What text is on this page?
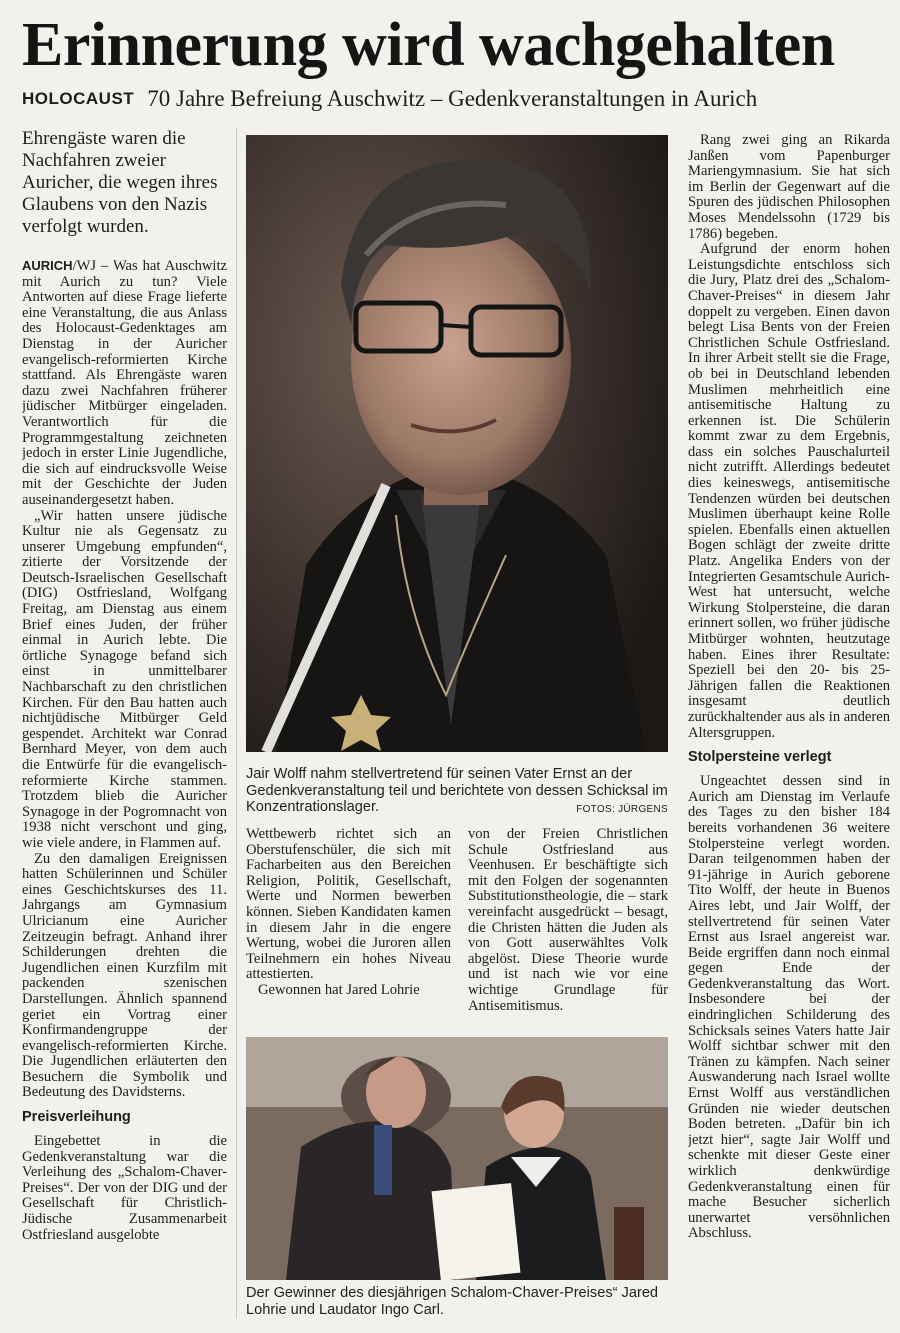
Erinnerung wird wachgehalten
HOLOCAUST 70 Jahre Befreiung Auschwitz – Gedenkveranstaltungen in Aurich
Ehrengäste waren die Nachfahren zweier Auricher, die wegen ihres Glaubens von den Nazis verfolgt wurden.

AURICH/WJ – Was hat Auschwitz mit Aurich zu tun? Viele Antworten auf diese Frage lieferte eine Veranstaltung, die aus Anlass des Holocaust-Gedenktages am Dienstag in der Auricher evangelisch-reformierten Kirche stattfand. Als Ehrengäste waren dazu zwei Nachfahren früherer jüdischer Mitbürger eingeladen. Verantwortlich für die Programmgestaltung zeichneten jedoch in erster Linie Jugendliche, die sich auf eindrucksvolle Weise mit der Geschichte der Juden auseinandergesetzt haben.

„Wir hatten unsere jüdische Kultur nie als Gegensatz zu unserer Umgebung empfunden“, zitierte der Vorsitzende der Deutsch-Israelischen Gesellschaft (DIG) Ostfriesland, Wolfgang Freitag, am Dienstag aus einem Brief eines Juden, der früher einmal in Aurich lebte. Die örtliche Synagoge befand sich einst in unmittelbarer Nachbarschaft zu den christlichen Kirchen. Für den Bau hatten auch nichtjüdische Mitbürger Geld gespendet. Architekt war Conrad Bernhard Meyer, von dem auch die Entwürfe für die evangelisch-reformierte Kirche stammen. Trotzdem blieb die Auricher Synagoge in der Pogromnacht von 1938 nicht verschont und ging, wie viele andere, in Flammen auf.

Zu den damaligen Ereignissen hatten Schülerinnen und Schüler eines Geschichtskurses des 11. Jahrgangs am Gymnasium Ulricianum eine Auricher Zeitzeugin befragt. Anhand ihrer Schilderungen drehten die Jugendlichen einen Kurzfilm mit packenden szenischen Darstellungen. Ähnlich spannend geriet ein Vortrag einer Konfirmandengruppe der evangelisch-reformierten Kirche. Die Jugendlichen erläuterten den Besuchern die Symbolik und Bedeutung des Davidsterns.

Preisverleihung

Eingebettet in die Gedenkveranstaltung war die Verleihung des „Schalom-Chaver-Preises“. Der von der DIG und der Gesellschaft für Christlich-Jüdische Zusammenarbeit Ostfriesland ausgelobte

Jair Wolff nahm stellvertretend für seinen Vater Ernst an der Gedenkveranstaltung teil und berichtete von dessen Schicksal im Konzentrationslager.	FOTOS: JÜRGENS

Wettbewerb richtet sich an Oberstufenschüler, die sich mit Facharbeiten aus den Bereichen Religion, Politik, Gesellschaft, Werte und Normen bewerben können. Sieben Kandidaten kamen in diesem Jahr in die engere Wertung, wobei die Juroren allen Teilnehmern ein hohes Niveau attestierten.

Gewonnen hat Jared Lohrie

von der Freien Christlichen Schule Ostfriesland aus Veenhusen. Er beschäftigte sich mit den Folgen der sogenannten Substitutionstheologie, die – stark vereinfacht ausgedrückt – besagt, die Christen hätten die Juden als von Gott auserwähltes Volk abgelöst. Diese Theorie wurde und ist nach wie vor eine wichtige Grundlage für Antisemitismus.

Der Gewinner des diesjährigen Schalom-Chaver-Preises“ Jared Lohrie und Laudator Ingo Carl.

Rang zwei ging an Rikarda Janßen vom Papenburger Mariengymnasium. Sie hat sich im Berlin der Gegenwart auf die Spuren des jüdischen Philosophen Moses Mendelssohn (1729 bis 1786) begeben.

Aufgrund der enorm hohen Leistungsdichte entschloss sich die Jury, Platz drei des „Schalom-Chaver-Preises“ in diesem Jahr doppelt zu vergeben. Einen davon belegt Lisa Bents von der Freien Christlichen Schule Ostfriesland. In ihrer Arbeit stellt sie die Frage, ob bei in Deutschland lebenden Muslimen mehrheitlich eine antisemitische Haltung zu erkennen ist. Die Schülerin kommt zwar zu dem Ergebnis, dass ein solches Pauschalurteil nicht zutrifft. Allerdings bedeutet dies keineswegs, antisemitische Tendenzen würden bei deutschen Muslimen überhaupt keine Rolle spielen. Ebenfalls einen aktuellen Bogen schlägt der zweite dritte Platz. Angelika Enders von der Integrierten Gesamtschule Aurich-West hat untersucht, welche Wirkung Stolpersteine, die daran erinnert sollen, wo früher jüdische Mitbürger wohnten, heutzutage haben. Eines ihrer Resultate: Speziell bei den 20- bis 25-Jährigen fallen die Reaktionen insgesamt deutlich zurückhaltender aus als in anderen Altersgruppen.

Stolpersteine verlegt

Ungeachtet dessen sind in Aurich am Dienstag im Verlaufe des Tages zu den bisher 184 bereits vorhandenen 36 weitere Stolpersteine verlegt worden. Daran teilgenommen haben der 91-jährige in Aurich geborene Tito Wolff, der heute in Buenos Aires lebt, und Jair Wolff, der stellvertretend für seinen Vater Ernst aus Israel angereist war. Beide ergriffen dann noch einmal gegen Ende der Gedenkveranstaltung das Wort. Insbesondere bei der eindringlichen Schilderung des Schicksals seines Vaters hatte Jair Wolff sichtbar schwer mit den Tränen zu kämpfen. Nach seiner Auswanderung nach Israel wollte Ernst Wolff aus verständlichen Gründen nie wieder deutschen Boden betreten. „Dafür bin ich jetzt hier“, sagte Jair Wolff und schenkte mit dieser Geste einer wirklich denkwürdige Gedenkveranstaltung einen für mache Besucher sicherlich unerwartet versöhnlichen Abschluss.
